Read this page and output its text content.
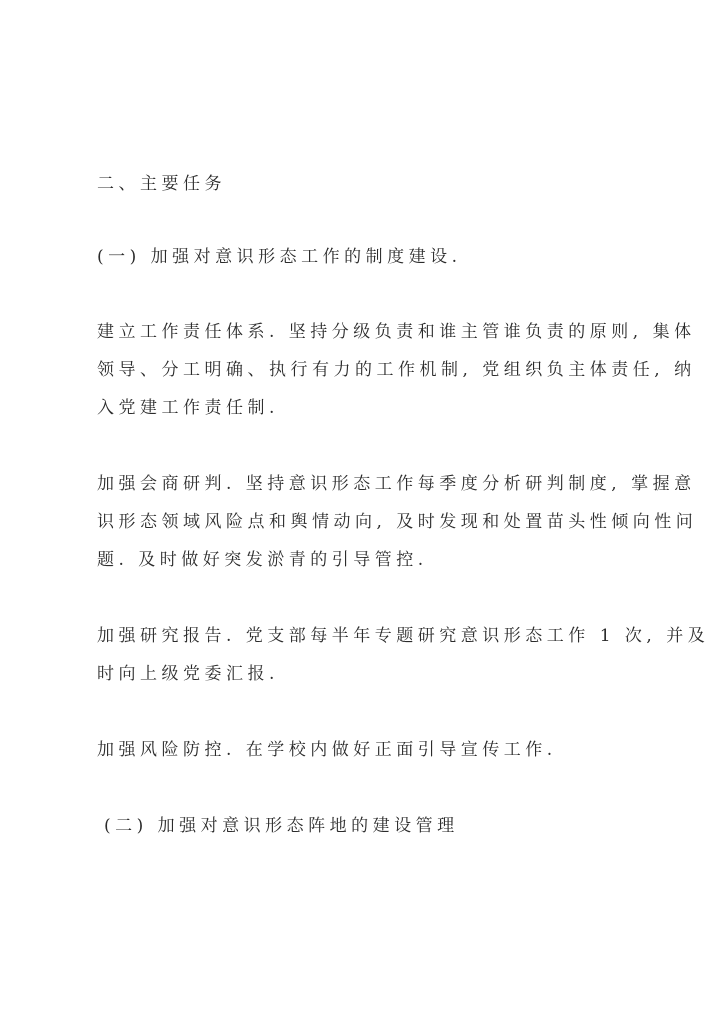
二、主要任务
(一) 加强对意识形态工作的制度建设.
建立工作责任体系. 坚持分级负责和谁主管谁负责的原则, 集体
领导、分工明确、执行有力的工作机制, 党组织负主体责任, 纳
入党建工作责任制.
加强会商研判. 坚持意识形态工作每季度分析研判制度, 掌握意
识形态领域风险点和舆情动向, 及时发现和处置苗头性倾向性问
题. 及时做好突发淤青的引导管控.
加强研究报告. 党支部每半年专题研究意识形态工作 1 次, 并及
时向上级党委汇报.
加强风险防控. 在学校内做好正面引导宣传工作.
(二) 加强对意识形态阵地的建设管理
